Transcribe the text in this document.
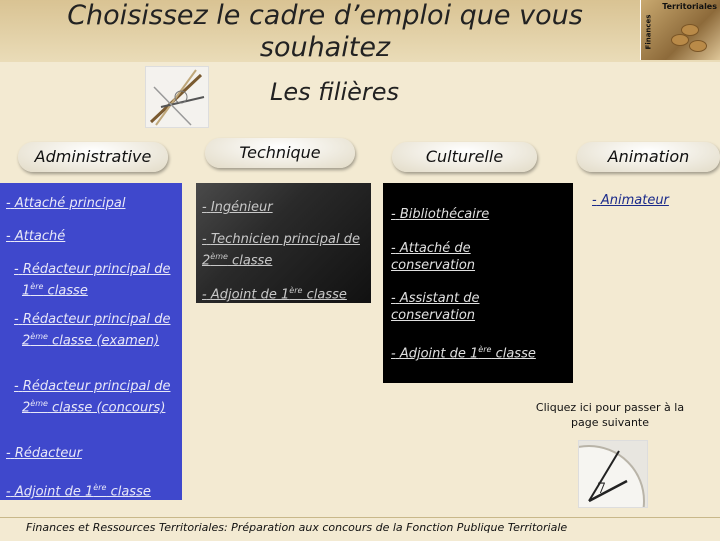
Choisissez le cadre d’emploi que vous souhaitez
Territoriales
Finances
Les filières
Administrative	Technique	Culturelle	Animation
- Attaché principal
- Attaché
- Rédacteur principal de 1ère classe
- Rédacteur principal de 2ème classe (examen)
- Rédacteur principal de 2ème classe (concours)
- Rédacteur
- Adjoint de 1ère classe
- Ingénieur
- Technicien principal de 2ème classe
- Adjoint de 1ère classe
- Bibliothécaire
- Attaché de conservation
- Assistant de conservation
- Adjoint de 1ère classe
- Animateur
Cliquez ici pour passer à la page suivante
7
Finances et Ressources Territoriales: Préparation aux concours de la Fonction Publique Territoriale
